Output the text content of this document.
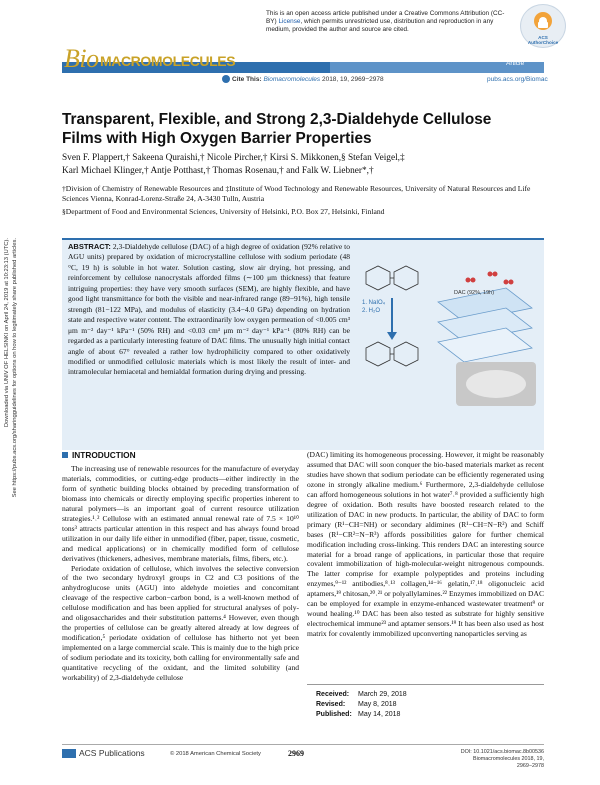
This is an open access article published under a Creative Commons Attribution (CC-BY) License, which permits unrestricted use, distribution and reproduction in any medium, provided the author and source are cited.
ACS AuthorChoice
Article
Bio MACROMOLECULES
Cite This: Biomacromolecules 2018, 19, 2969−2978	pubs.acs.org/Biomac
Transparent, Flexible, and Strong 2,3-Dialdehyde Cellulose Films with High Oxygen Barrier Properties
Sven F. Plappert,† Sakeena Quraishi,† Nicole Pircher,† Kirsi S. Mikkonen,§ Stefan Veigel,‡
Karl Michael Klinger,† Antje Potthast,† Thomas Rosenau,† and Falk W. Liebner*,†

†Division of Chemistry of Renewable Resources and ‡Institute of Wood Technology and Renewable Resources, University of Natural Resources and Life Sciences Vienna, Konrad-Lorenz-Straße 24, A-3430 Tulln, Austria

§Department of Food and Environmental Sciences, University of Helsinki, P.O. Box 27, Helsinki, Finland

Downloaded via UNIV OF HELSINKI on April 24, 2019 at 10:23:13 (UTC). See https://pubs.acs.org/sharingguidelines for options on how to legitimately share published articles.	ABSTRACT: 2,3-Dialdehyde cellulose (DAC) of a high degree of oxidation (92% relative to AGU units) prepared by oxidation of microcrystalline cellulose with sodium periodate (48 °C, 19 h) is soluble in hot water. Solution casting, slow air drying, hot pressing, and reinforcement by cellulose nanocrystals afforded films (∼100 μm thickness) that feature intriguing properties: they have very smooth surfaces (SEM), are highly flexible, and have good light transmittance for both the visible and near-infrared range (89−91%), high tensile strength (81−122 MPa), and modulus of elasticity (3.4−4.0 GPa) depending on hydration state and respective water content. The extraordinarily low oxygen permeation of <0.005 cm³ μm m⁻² day⁻¹ kPa⁻¹ (50% RH) and <0.03 cm³ μm m⁻² day⁻¹ kPa⁻¹ (80% RH) can be regarded as a particularly interesting feature of DAC films. The unusually high initial contact angle of about 67° revealed a rather low hydrophilicity compared to other oxidatively modified or unmodified cellulosic materials which is most likely the result of inter- and intramolecular hemiacetal and hemialdal formation during drying and pressing.
1. NaIO₄
2. H₂O
DAC (92%, 19h)
INTRODUCTION

The increasing use of renewable resources for the manufacture of everyday materials, commodities, or cutting-edge products—either indirectly in the form of synthetic building blocks obtained by preceding transformation of biomass into chemicals or directly employing specific properties inherent to natural polymers—is an important goal of current resource utilization strategies.¹˒² Cellulose with an estimated annual renewal rate of 7.5 × 10¹⁰ tons³ attracts particular attention in this respect and has always found broad utilization in our daily life either in unmodified (fiber, paper, tissue, cosmetic, and medical applications) or in chemically modified form of cellulose derivatives (thickeners, adhesives, membrane materials, films, fibers, etc.).

Periodate oxidation of cellulose, which involves the selective conversion of the two secondary hydroxyl groups in C2 and C3 positions of the anhydroglucose units (AGU) into aldehyde moieties and concomitant cleavage of the respective carbon−carbon bond, is a well-known method of cellulose modification and has been applied for structural analyses of poly- and oligosaccharides and their substitution patterns.⁴ However, even though the properties of cellulose can be greatly altered already at low degrees of modification,⁵ periodate oxidation of cellulose has hitherto not yet been implemented on a large commercial scale. This is mainly due to the high price of sodium periodate and its toxicity, both calling for environmentally safe and quantitative recycling of the oxidant, and the limited solubility (and workability) of 2,3-dialdehyde cellulose

(DAC) limiting its homogeneous processing. However, it might be reasonably assumed that DAC will soon conquer the bio-based materials market as recent studies have shown that sodium periodate can be efficiently regenerated using ozone in strongly alkaline medium.⁶ Furthermore, 2,3-dialdehyde cellulose can afford homogeneous solutions in hot water⁷˒⁸ provided a sufficiently high degree of oxidation. Both results have boosted research related to the utilization of DAC in new products. In particular, the ability of DAC to form primary (R¹−CH=NH) or secondary aldimines (R¹−CH=N−R²) and Schiff bases (R¹−CR²=N−R³) affords possibilities galore for further chemical modification including cross-linking. This renders DAC an interesting source material for a broad range of applications, in particular those that require covalent immobilization of high-molecular-weight nitrogenous compounds. The latter comprise for example polypeptides and proteins including enzymes,⁹⁻¹² antibodies,⁸˒¹³ collagen,¹⁴⁻¹⁶ gelatin,¹⁷˒¹⁸ oligonucleic acid aptamers,¹⁹ chitosan,²⁰˒²¹ or polyallylamines.²² Enzymes immobilized on DAC can be employed for example in enzyme-enhanced wastewater treatment⁹ or wound healing.¹⁰ DAC has been also tested as substrate for highly sensitive electrochemical immune²³ and aptamer sensors.¹⁹ It has been also used as host matrix for covalently immobilized upconverting nanoparticles serving as

Received:	March 29, 2018
Revised:	May 8, 2018
Published: May 14, 2018
ACS Publications	© 2018 American Chemical Society	2969	DOI: 10.1021/acs.biomac.8b00536
Biomacromolecules 2018, 19, 2969−2978
